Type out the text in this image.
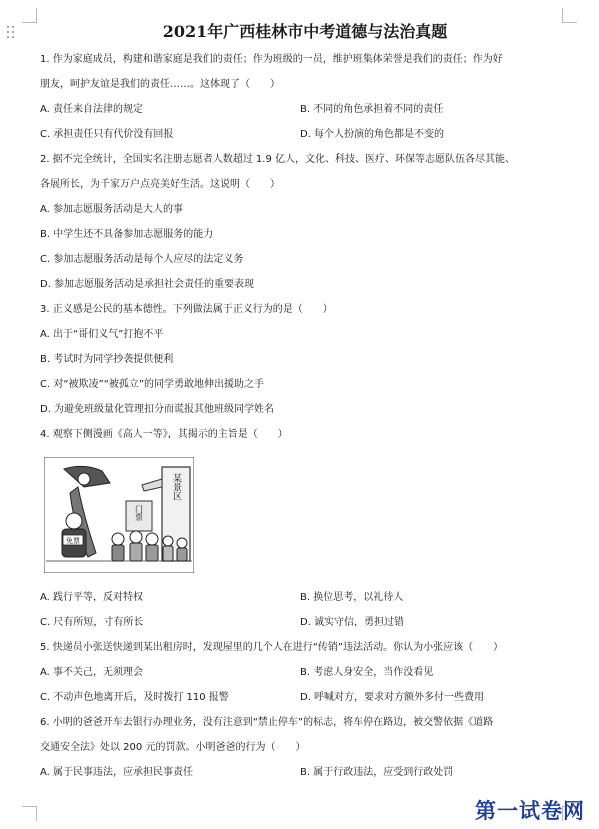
2021年广西桂林市中考道德与法治真题
1. 作为家庭成员，构建和谐家庭是我们的责任；作为班级的一员，维护班集体荣誉是我们的责任；作为好
朋友，呵护友谊是我们的责任……。这体现了（　　）
A. 责任来自法律的规定	B. 不同的角色承担着不同的责任
C. 承担责任只有代价没有回报	D. 每个人扮演的角色都是不变的
2. 据不完全统计，全国实名注册志愿者人数超过 1.9 亿人，文化、科技、医疗、环保等志愿队伍各尽其能、
各展所长，为千家万户点亮美好生活。这说明（　　）
A. 参加志愿服务活动是大人的事
B. 中学生还不具备参加志愿服务的能力
C. 参加志愿服务活动是每个人应尽的法定义务
D. 参加志愿服务活动是承担社会责任的重要表现
3. 正义感是公民的基本德性。下列做法属于正义行为的是（　　）
A. 出于“哥们义气”打抱不平
B. 考试时为同学抄袭提供便利
C. 对“被欺凌”“被孤立”的同学勇敢地伸出援助之手
D. 为避免班级量化管理扣分而谎报其他班级同学姓名
4. 观察下侧漫画《高人一等》，其揭示的主旨是（　　）
某景区
门票
免票
A. 践行平等，反对特权	B. 换位思考，以礼待人
C. 尺有所短，寸有所长	D. 诚实守信，勇担过错
5. 快递员小张送快递到某出租房时，发现屋里的几个人在进行“传销”违法活动。你认为小张应该（　　）
A. 事不关己，无须理会	B. 考虑人身安全，当作没看见
C. 不动声色地离开后，及时拨打 110 报警	D. 呼喊对方，要求对方额外多付一些费用
6. 小明的爸爸开车去银行办理业务，没有注意到“禁止停车”的标志，将车停在路边，被交警依据《道路
交通安全法》处以 200 元的罚款。小明爸爸的行为（　　）
A. 属于民事违法，应承担民事责任	B. 属于行政违法，应受到行政处罚
第一试卷网
